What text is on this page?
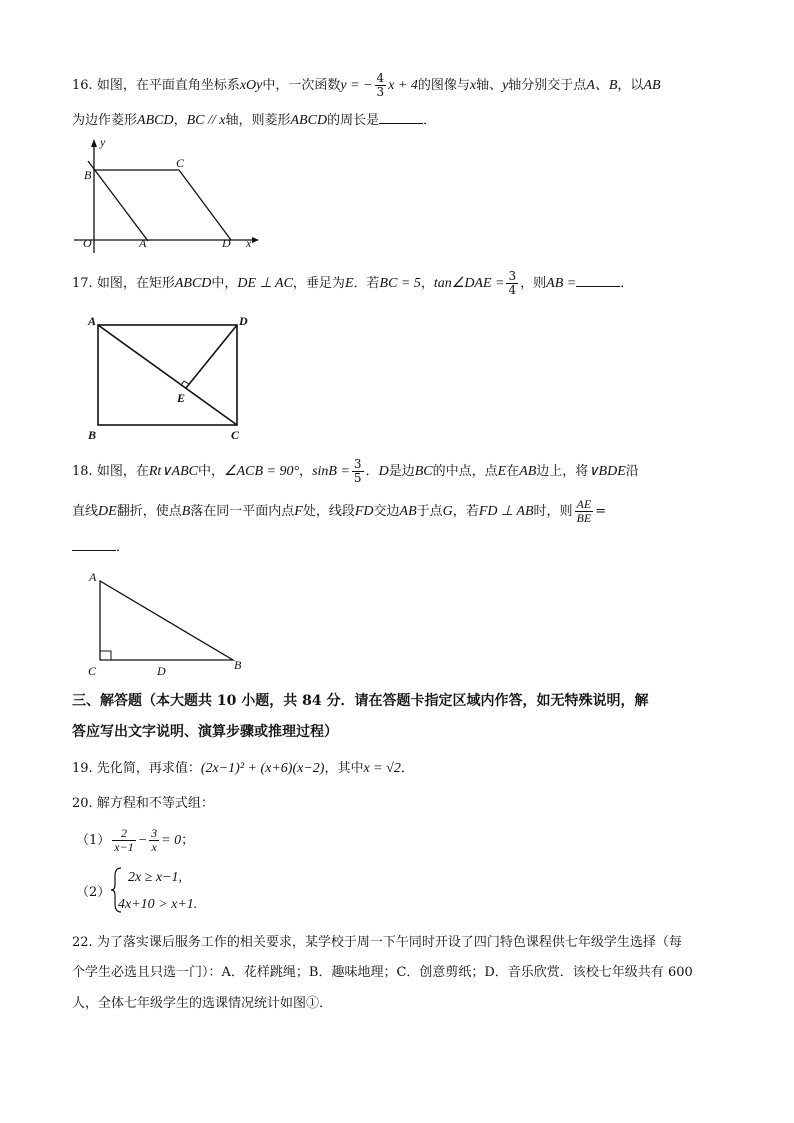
16. 如图，在平面直角坐标系xOy中，一次函数y = − $\frac{4}{3}$ x + 4的图像与x轴、y轴分别交于点A、B，以AB
为边作菱形ABCD，BC // x轴，则菱形ABCD的周长是	．
y
x
B
C
O	A	D
17. 如图，在矩形ABCD中，DE ⊥ AC，垂足为E．若BC = 5，tan∠DAE = $\frac{3}{4}$ ，则AB =	．
A	D
E
B	C
18. 如图，在Rt∨ABC中，∠ACB = 90°，$\sin B = \frac{3}{5}$ ．D是边BC的中点，点E在AB边上，将∨BDE沿
直线DE翻折，使点B落在同一平面内点F处，线段FD交边AB于点G，若FD ⊥ AB时，则 $\frac{AE}{BE}$ =
．
A
C	D	B
三、解答题（本大题共 10 小题，共 84 分．请在答题卡指定区域内作答，如无特殊说明，解
答应写出文字说明、演算步骤或推理过程）
19. 先化简，再求值：(2x−1)² + (x+6)(x−2)，其中x = √2．
20. 解方程和不等式组：
$(1) \frac{2}{x-1} - \frac{3}{x} = 0$；
（2）
2x ≥ x−1,
4x+10 > x+1.
22. 为了落实课后服务工作的相关要求，某学校于周一下午同时开设了四门特色课程供七年级学生选择（每
个学生必选且只选一门）：A．花样跳绳；B．趣味地理；C．创意剪纸；D．音乐欣赏．该校七年级共有 600
人，全体七年级学生的选课情况统计如图①．
